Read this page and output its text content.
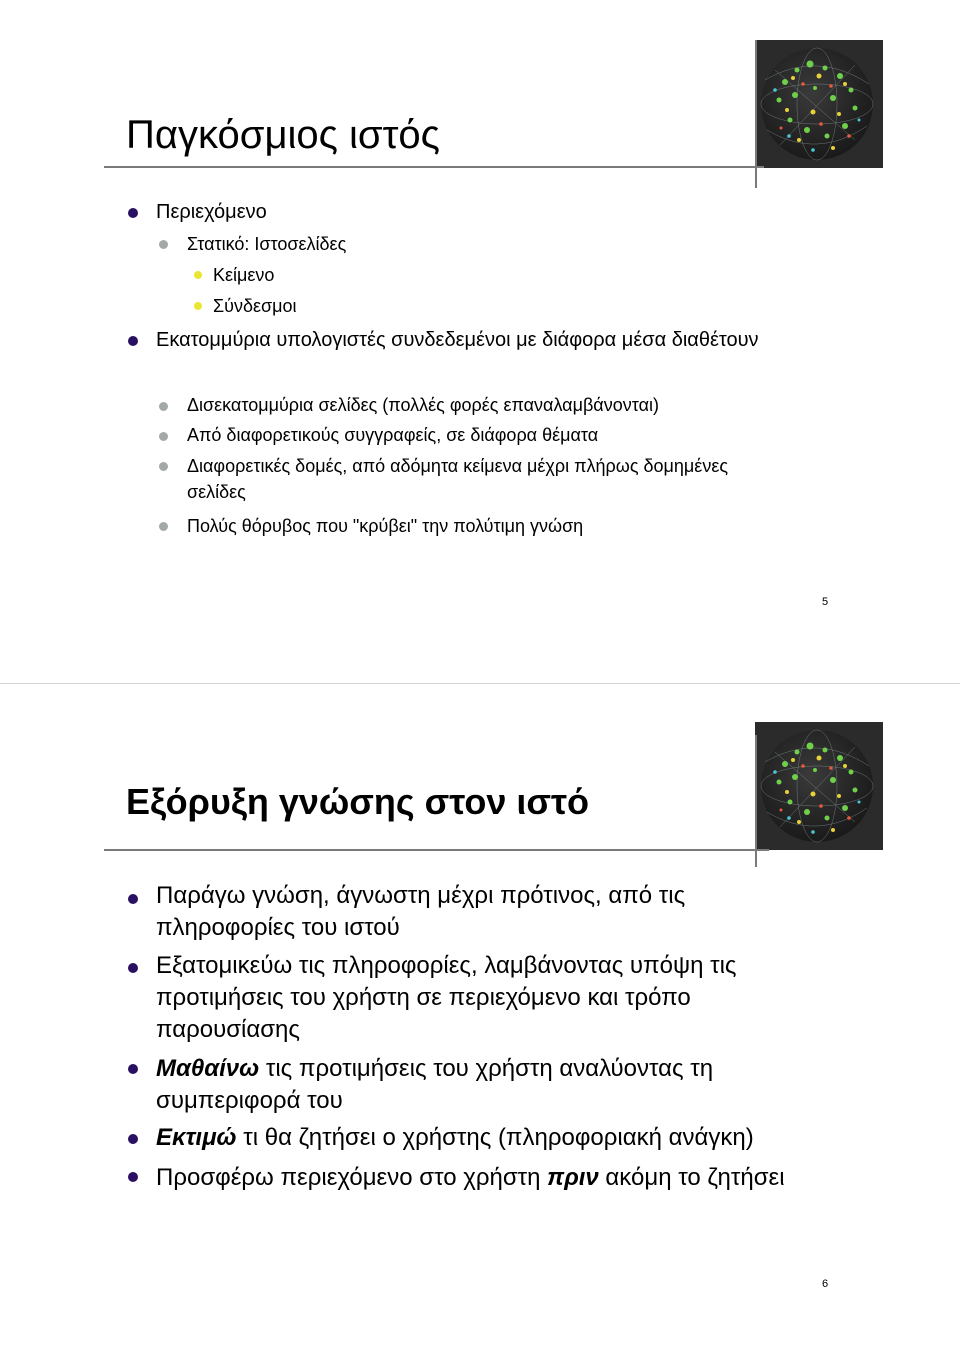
Παγκόσμιος ιστός
Περιεχόμενο
Στατικό: Ιστοσελίδες
Κείμενο
Σύνδεσμοι
Εκατομμύρια υπολογιστές συνδεδεμένοι με διάφορα μέσα διαθέτουν
Δισεκατομμύρια σελίδες (πολλές φορές επαναλαμβάνονται)
Από διαφορετικούς συγγραφείς, σε διάφορα θέματα
Διαφορετικές δομές, από αδόμητα κείμενα μέχρι πλήρως δομημένες σελίδες
Πολύς θόρυβος που "κρύβει" την πολύτιμη γνώση
5
Εξόρυξη γνώσης στον ιστό
Παράγω γνώση, άγνωστη μέχρι πρότινος, από τις πληροφορίες του ιστού
Εξατομικεύω τις πληροφορίες, λαμβάνοντας υπόψη τις προτιμήσεις του χρήστη σε περιεχόμενο και τρόπο παρουσίασης
Μαθαίνω τις προτιμήσεις του χρήστη αναλύοντας τη συμπεριφορά του
Εκτιμώ τι θα ζητήσει ο χρήστης (πληροφοριακή ανάγκη)
Προσφέρω περιεχόμενο στο χρήστη πριν ακόμη το ζητήσει
6
